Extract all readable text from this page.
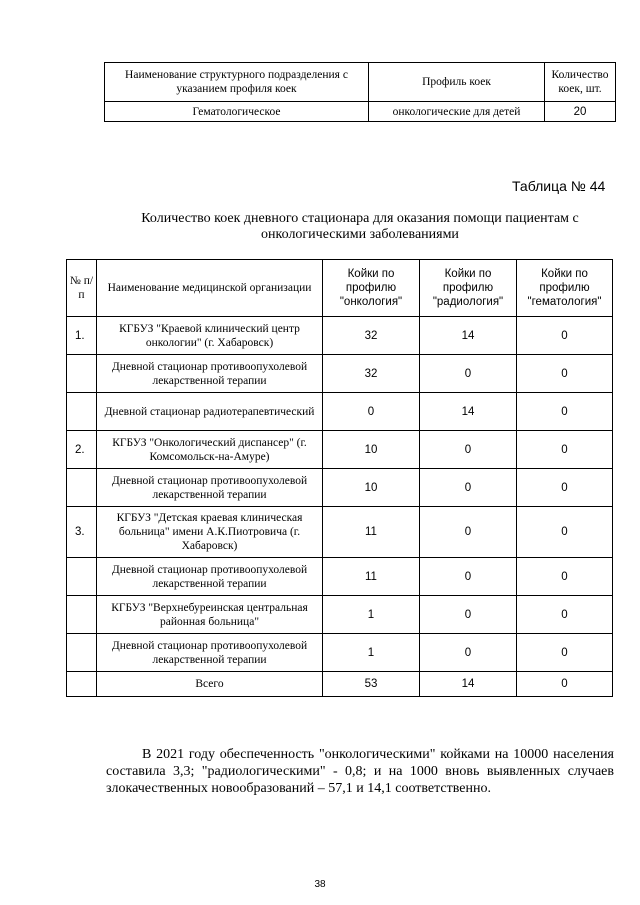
Наименование структурного подразделения с указанием профиля коек	Профиль коек	Количество коек, шт.
Гематологическое	онкологические для детей	20
Таблица № 44
Количество коек дневного стационара для оказания помощи пациентам с онкологическими заболеваниями
№ п/п	Наименование медицинской организации	Койки по профилю "онкология"	Койки по профилю "радиология"	Койки по профилю "гематология"
1.	КГБУЗ "Краевой клинический центр онкологии" (г. Хабаровск)	32	14	0
	Дневной стационар противоопухолевой лекарственной терапии	32	0	0
	Дневной стационар радиотерапевтический	0	14	0
2.	КГБУЗ "Онкологический диспансер" (г. Комсомольск-на-Амуре)	10	0	0
	Дневной стационар противоопухолевой лекарственной терапии	10	0	0
3.	КГБУЗ "Детская краевая клиническая больница" имени А.К.Пиотровича (г. Хабаровск)	11	0	0
	Дневной стационар противоопухолевой лекарственной терапии	11	0	0
	КГБУЗ "Верхнебуреинская центральная районная больница"	1	0	0
	Дневной стационар противоопухолевой лекарственной терапии	1	0	0
	Всего	53	14	0

В 2021 году обеспеченность "онкологическими" койками на 10000 населения составила 3,3; "радиологическими" - 0,8; и на 1000 вновь выявленных случаев злокачественных новообразований – 57,1 и 14,1 соответственно.

38
